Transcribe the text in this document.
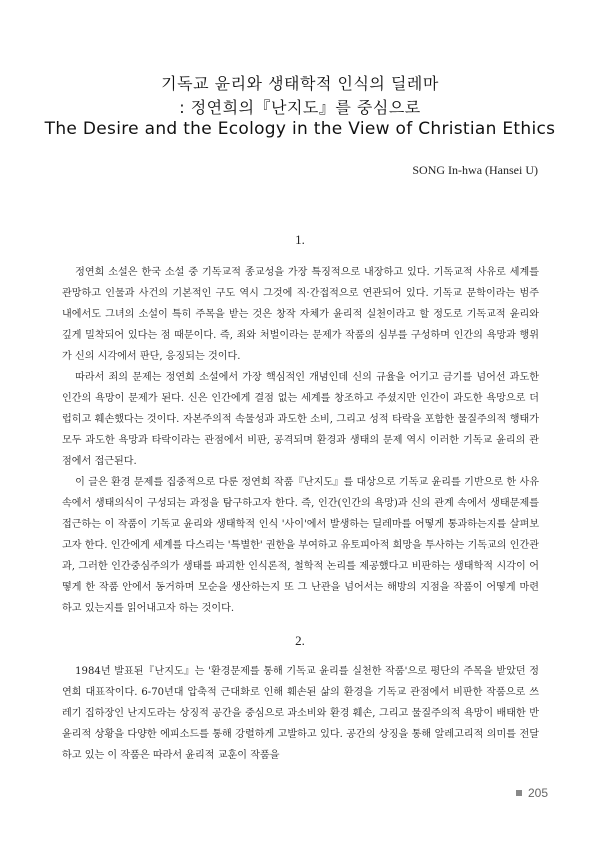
기독교 윤리와 생태학적 인식의 딜레마
: 정연희의『난지도』를 중심으로
The Desire and the Ecology in the View of Christian Ethics
SONG In-hwa (Hansei U)
1.

정연희 소설은 한국 소설 중 기독교적 종교성을 가장 특징적으로 내장하고 있다. 기독교적 사유로 세계를 관망하고 인물과 사건의 기본적인 구도 역시 그것에 직·간접적으로 연관되어 있다. 기독교 문학이라는 범주 내에서도 그녀의 소설이 특히 주목을 받는 것은 창작 자체가 윤리적 실천이라고 할 정도로 기독교적 윤리와 깊게 밀착되어 있다는 점 때문이다. 즉, 죄와 처벌이라는 문제가 작품의 심부를 구성하며 인간의 욕망과 행위가 신의 시각에서 판단, 응징되는 것이다.

따라서 죄의 문제는 정연희 소설에서 가장 핵심적인 개념인데 신의 규율을 어기고 금기를 넘어선 과도한 인간의 욕망이 문제가 된다. 신은 인간에게 결점 없는 세계를 창조하고 주셨지만 인간이 과도한 욕망으로 더럽히고 훼손했다는 것이다. 자본주의적 속물성과 과도한 소비, 그리고 성적 타락을 포함한 물질주의적 행태가 모두 과도한 욕망과 타락이라는 관점에서 비판, 공격되며 환경과 생태의 문제 역시 이러한 기독교 윤리의 관점에서 접근된다.

이 글은 환경 문제를 집중적으로 다룬 정연희 작품『난지도』를 대상으로 기독교 윤리를 기반으로 한 사유 속에서 생태의식이 구성되는 과정을 탐구하고자 한다. 즉, 인간(인간의 욕망)과 신의 관계 속에서 생태문제를 접근하는 이 작품이 기독교 윤리와 생태학적 인식 '사이'에서 발생하는 딜레마를 어떻게 통과하는지를 살펴보고자 한다. 인간에게 세계를 다스리는 '특별한' 권한을 부여하고 유토피아적 희망을 투사하는 기독교의 인간관과, 그러한 인간중심주의가 생태를 파괴한 인식론적, 철학적 논리를 제공했다고 비판하는 생태학적 시각이 어떻게 한 작품 안에서 동거하며 모순을 생산하는지 또 그 난관을 넘어서는 해방의 지점을 작품이 어떻게 마련하고 있는지를 읽어내고자 하는 것이다.

2.

1984년 발표된『난지도』는 '환경문제를 통해 기독교 윤리를 실천한 작품'으로 평단의 주목을 받았던 정연희 대표작이다. 6-70년대 압축적 근대화로 인해 훼손된 삶의 환경을 기독교 관점에서 비판한 작품으로 쓰레기 집하장인 난지도라는 상징적 공간을 중심으로 과소비와 환경 훼손, 그리고 물질주의적 욕망이 배태한 반윤리적 상황을 다양한 에피소드를 통해 강렬하게 고발하고 있다. 공간의 상징을 통해 알레고리적 의미를 전달하고 있는 이 작품은 따라서 윤리적 교훈이 작품을

205
